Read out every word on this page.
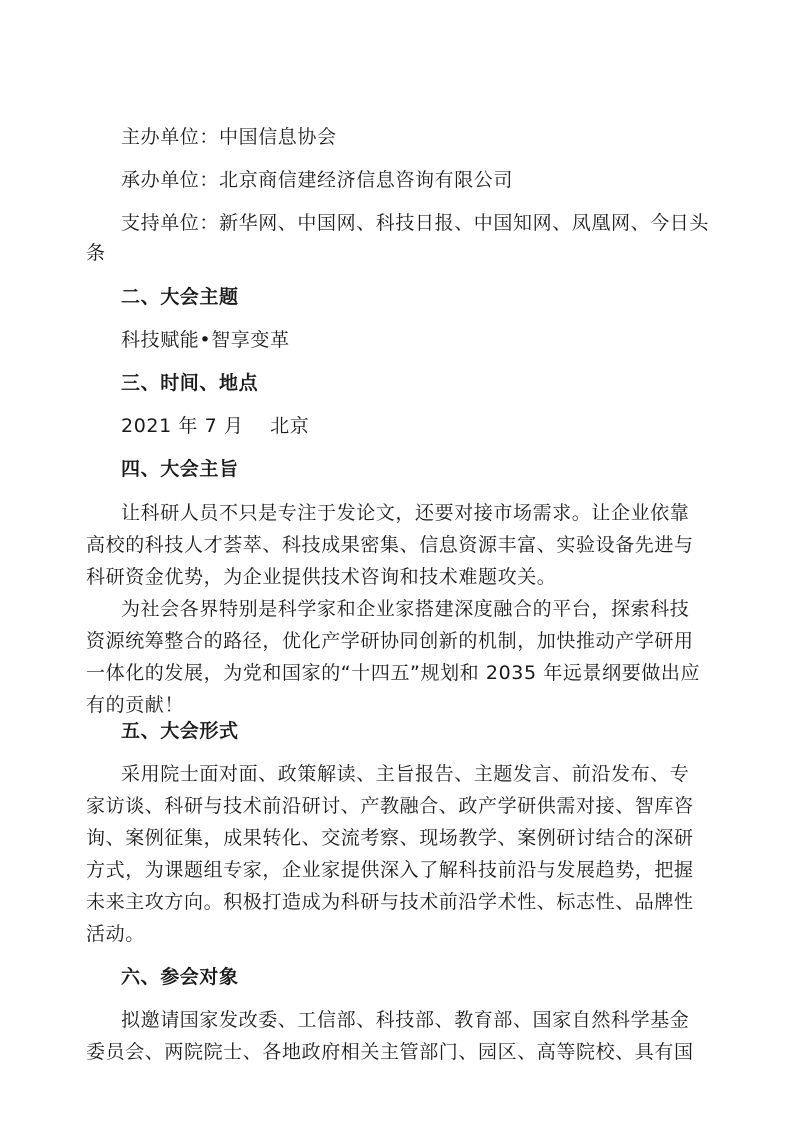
主办单位：中国信息协会
承办单位：北京商信建经济信息咨询有限公司
支持单位：新华网、中国网、科技日报、中国知网、凤凰网、今日头
条
二、大会主题
科技赋能•智享变革
三、时间、地点
2021 年 7 月    北京
四、大会主旨
让科研人员不只是专注于发论文，还要对接市场需求。让企业依靠
高校的科技人才荟萃、科技成果密集、信息资源丰富、实验设备先进与
科研资金优势，为企业提供技术咨询和技术难题攻关。
为社会各界特别是科学家和企业家搭建深度融合的平台，探索科技
资源统筹整合的路径，优化产学研协同创新的机制，加快推动产学研用
一体化的发展，为党和国家的“十四五”规划和 2035 年远景纲要做出应
有的贡献！
五、大会形式
采用院士面对面、政策解读、主旨报告、主题发言、前沿发布、专
家访谈、科研与技术前沿研讨、产教融合、政产学研供需对接、智库咨
询、案例征集，成果转化、交流考察、现场教学、案例研讨结合的深研
方式，为课题组专家，企业家提供深入了解科技前沿与发展趋势，把握
未来主攻方向。积极打造成为科研与技术前沿学术性、标志性、品牌性
活动。
六、参会对象
拟邀请国家发改委、工信部、科技部、教育部、国家自然科学基金
委员会、两院院士、各地政府相关主管部门、园区、高等院校、具有国
